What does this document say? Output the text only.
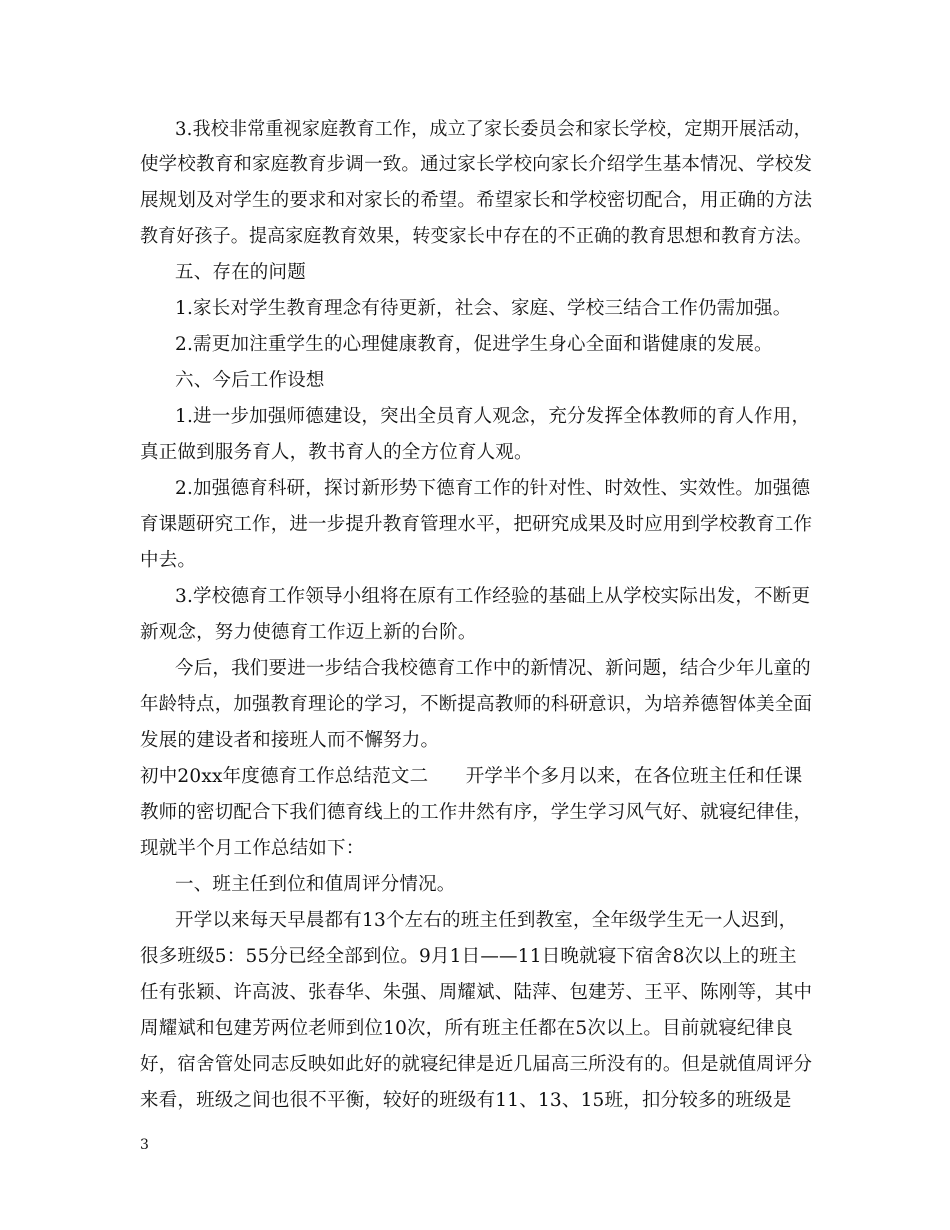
3.我校非常重视家庭教育工作，成立了家长委员会和家长学校，定期开展活动，
使学校教育和家庭教育步调一致。通过家长学校向家长介绍学生基本情况、学校发
展规划及对学生的要求和对家长的希望。希望家长和学校密切配合，用正确的方法
教育好孩子。提高家庭教育效果，转变家长中存在的不正确的教育思想和教育方法。
五、存在的问题
1.家长对学生教育理念有待更新，社会、家庭、学校三结合工作仍需加强。
2.需更加注重学生的心理健康教育，促进学生身心全面和谐健康的发展。
六、今后工作设想
1.进一步加强师德建设，突出全员育人观念，充分发挥全体教师的育人作用，
真正做到服务育人，教书育人的全方位育人观。
2.加强德育科研，探讨新形势下德育工作的针对性、时效性、实效性。加强德
育课题研究工作，进一步提升教育管理水平，把研究成果及时应用到学校教育工作
中去。
3.学校德育工作领导小组将在原有工作经验的基础上从学校实际出发，不断更
新观念，努力使德育工作迈上新的台阶。
今后，我们要进一步结合我校德育工作中的新情况、新问题，结合少年儿童的
年龄特点，加强教育理论的学习，不断提高教师的科研意识，为培养德智体美全面
发展的建设者和接班人而不懈努力。
初中20xx年度德育工作总结范文二　　开学半个多月以来，在各位班主任和任课
教师的密切配合下我们德育线上的工作井然有序，学生学习风气好、就寝纪律佳，
现就半个月工作总结如下：
一、班主任到位和值周评分情况。
开学以来每天早晨都有13个左右的班主任到教室，全年级学生无一人迟到，
很多班级5：55分已经全部到位。9月1日——11日晚就寝下宿舍8次以上的班主
任有张颖、许高波、张春华、朱强、周耀斌、陆萍、包建芳、王平、陈刚等，其中
周耀斌和包建芳两位老师到位10次，所有班主任都在5次以上。目前就寝纪律良
好，宿舍管处同志反映如此好的就寝纪律是近几届高三所没有的。但是就值周评分
来看，班级之间也很不平衡，较好的班级有11、13、15班，扣分较多的班级是
3
